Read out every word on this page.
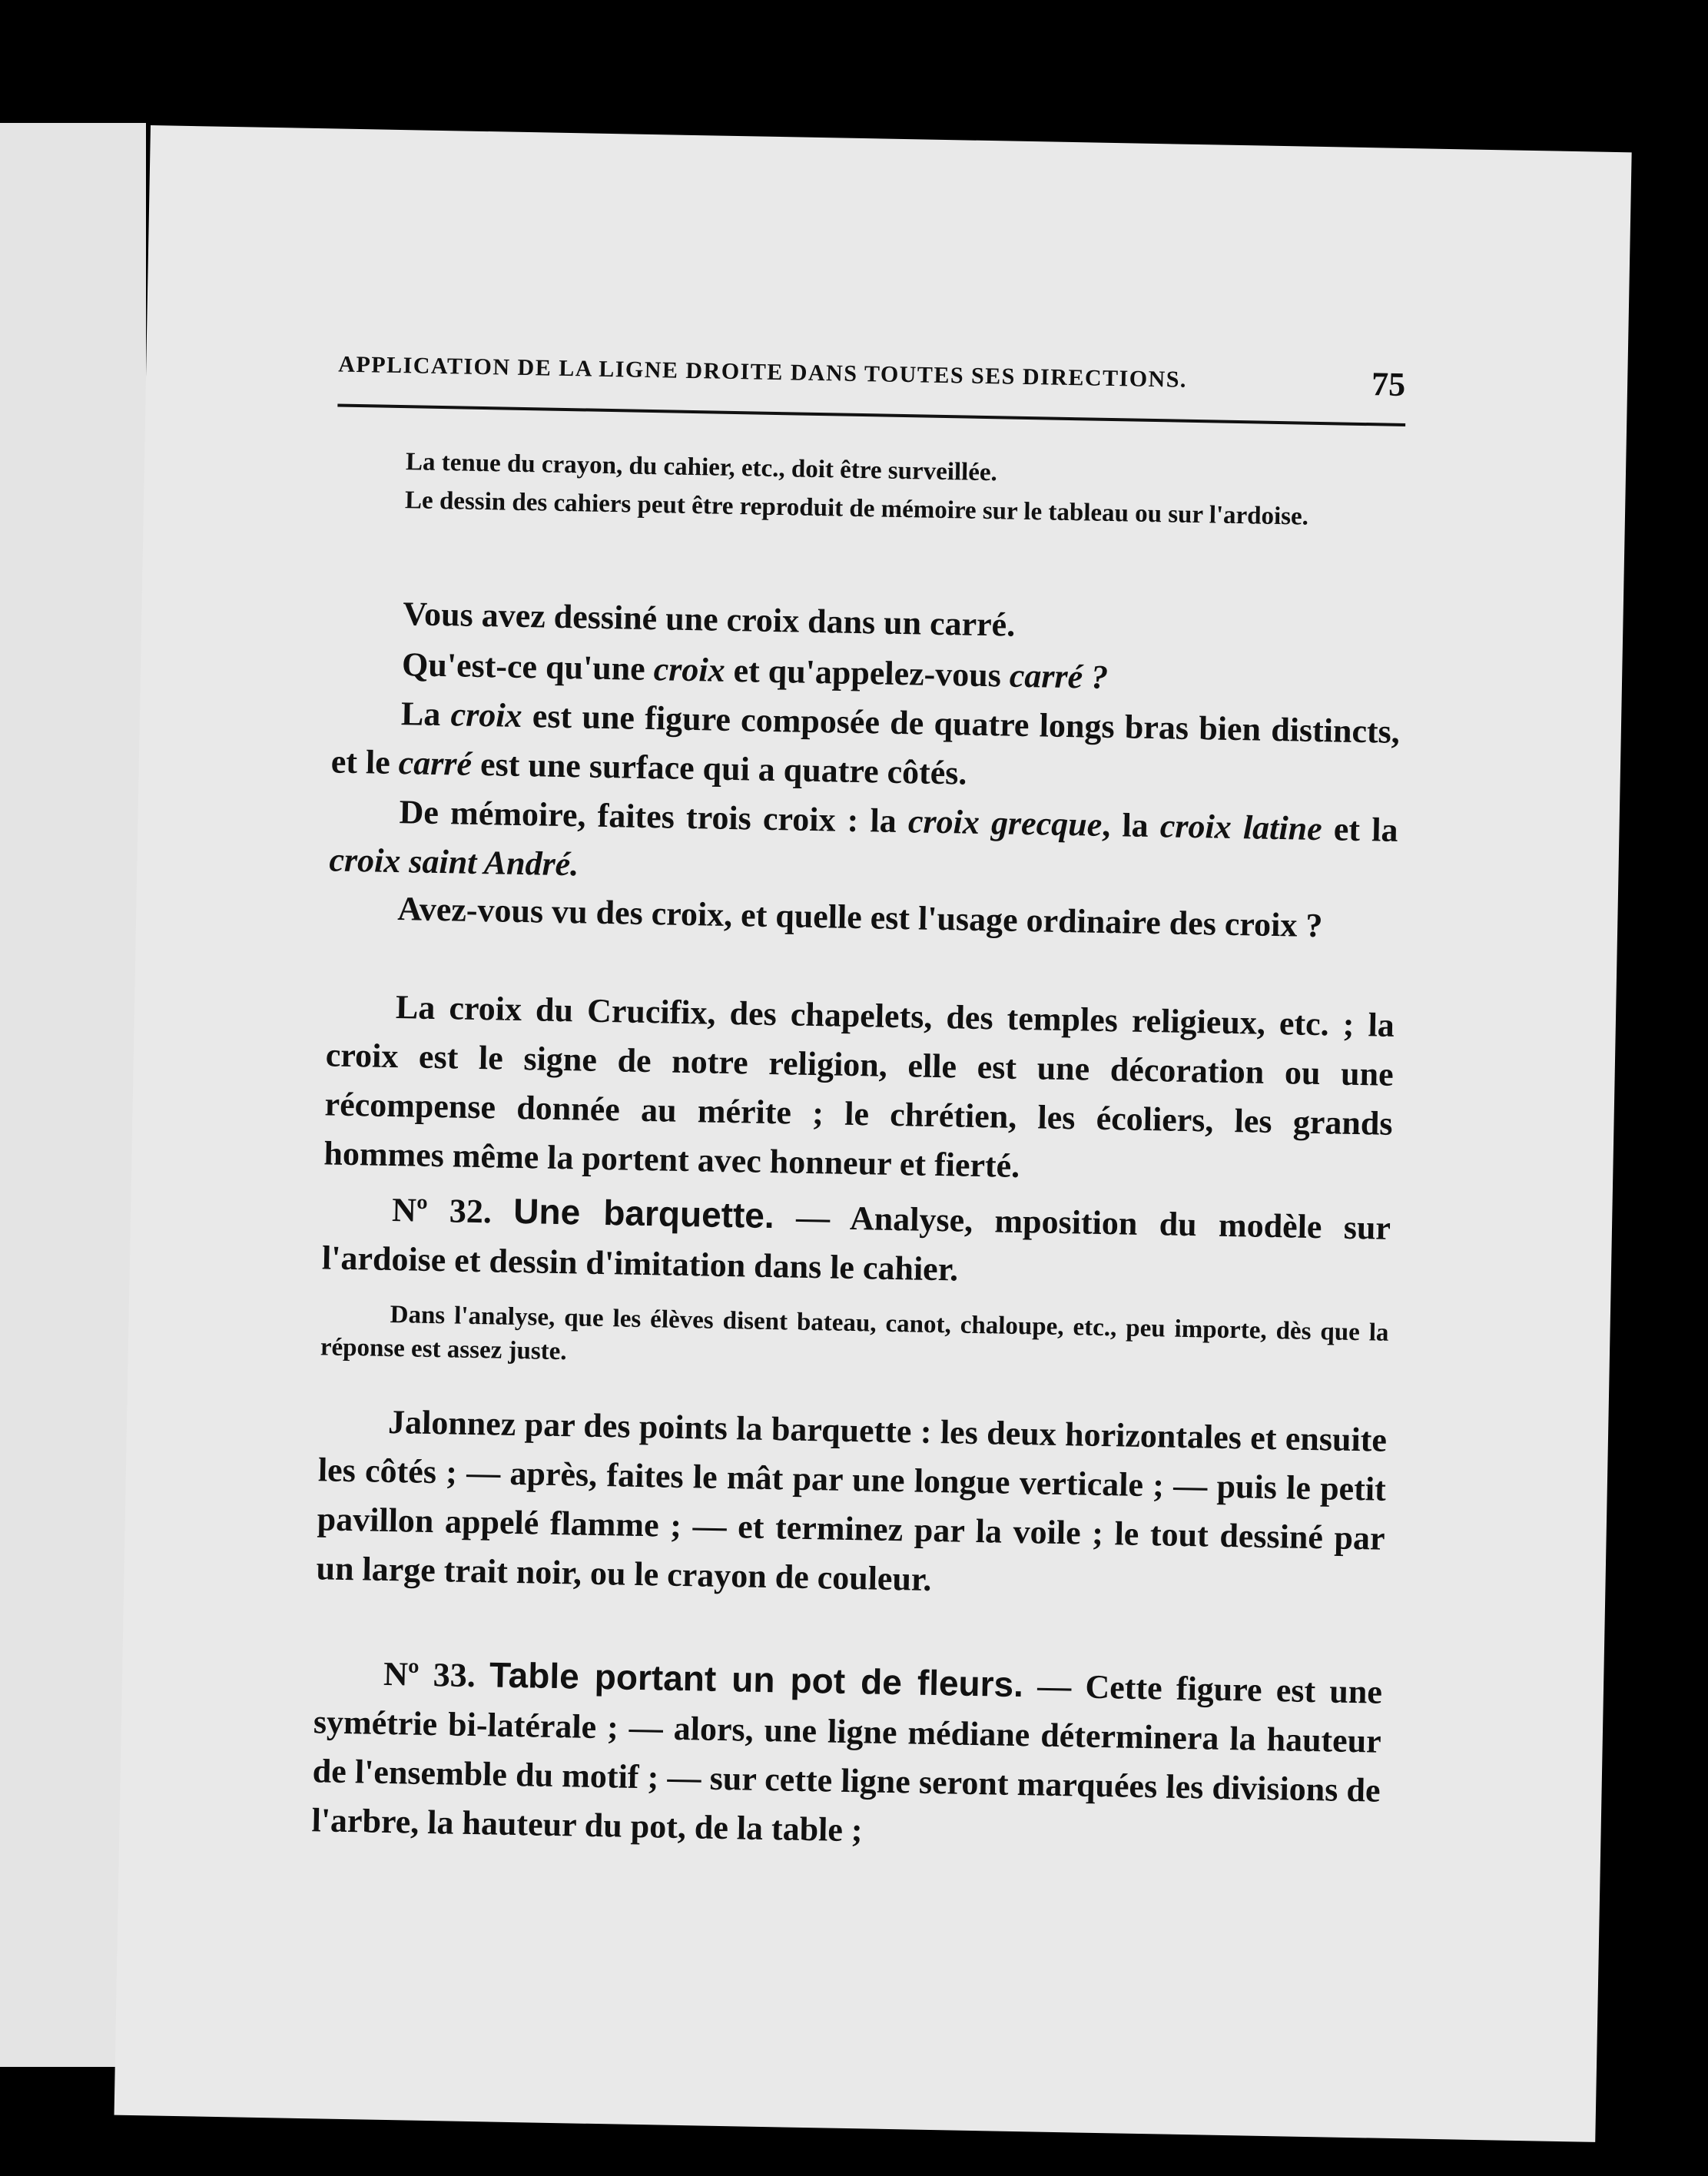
APPLICATION DE LA LIGNE DROITE DANS TOUTES SES DIRECTIONS.	75
La tenue du crayon, du cahier, etc., doit être surveillée.
Le dessin des cahiers peut être reproduit de mémoire sur le tableau ou sur l'ardoise.
Vous avez dessiné une croix dans un carré.
Qu'est-ce qu'une croix et qu'appelez-vous carré ?
La croix est une figure composée de quatre longs bras bien distincts, et le carré est une surface qui a quatre côtés.
De mémoire, faites trois croix : la croix grecque, la croix latine et la croix saint André.
Avez-vous vu des croix, et quelle est l'usage ordinaire des croix ?
La croix du Crucifix, des chapelets, des temples religieux, etc. ; la croix est le signe de notre religion, elle est une décoration ou une récompense donnée au mérite ; le chrétien, les écoliers, les grands hommes même la portent avec honneur et fierté.
Nº 32. Une barquette. — Analyse, mposition du modèle sur l'ardoise et dessin d'imitation dans le cahier.
Dans l'analyse, que les élèves disent bateau, canot, chaloupe, etc., peu importe, dès que la réponse est assez juste.
Jalonnez par des points la barquette : les deux horizontales et ensuite les côtés ; — après, faites le mât par une longue verticale ; — puis le petit pavillon appelé flamme ; — et terminez par la voile ; le tout dessiné par un large trait noir, ou le crayon de couleur.
Nº 33. Table portant un pot de fleurs. — Cette figure est une symétrie bi-latérale ; — alors, une ligne médiane déterminera la hauteur de l'ensemble du motif ; — sur cette ligne seront marquées les divisions de l'arbre, la hauteur du pot, de la table ;
